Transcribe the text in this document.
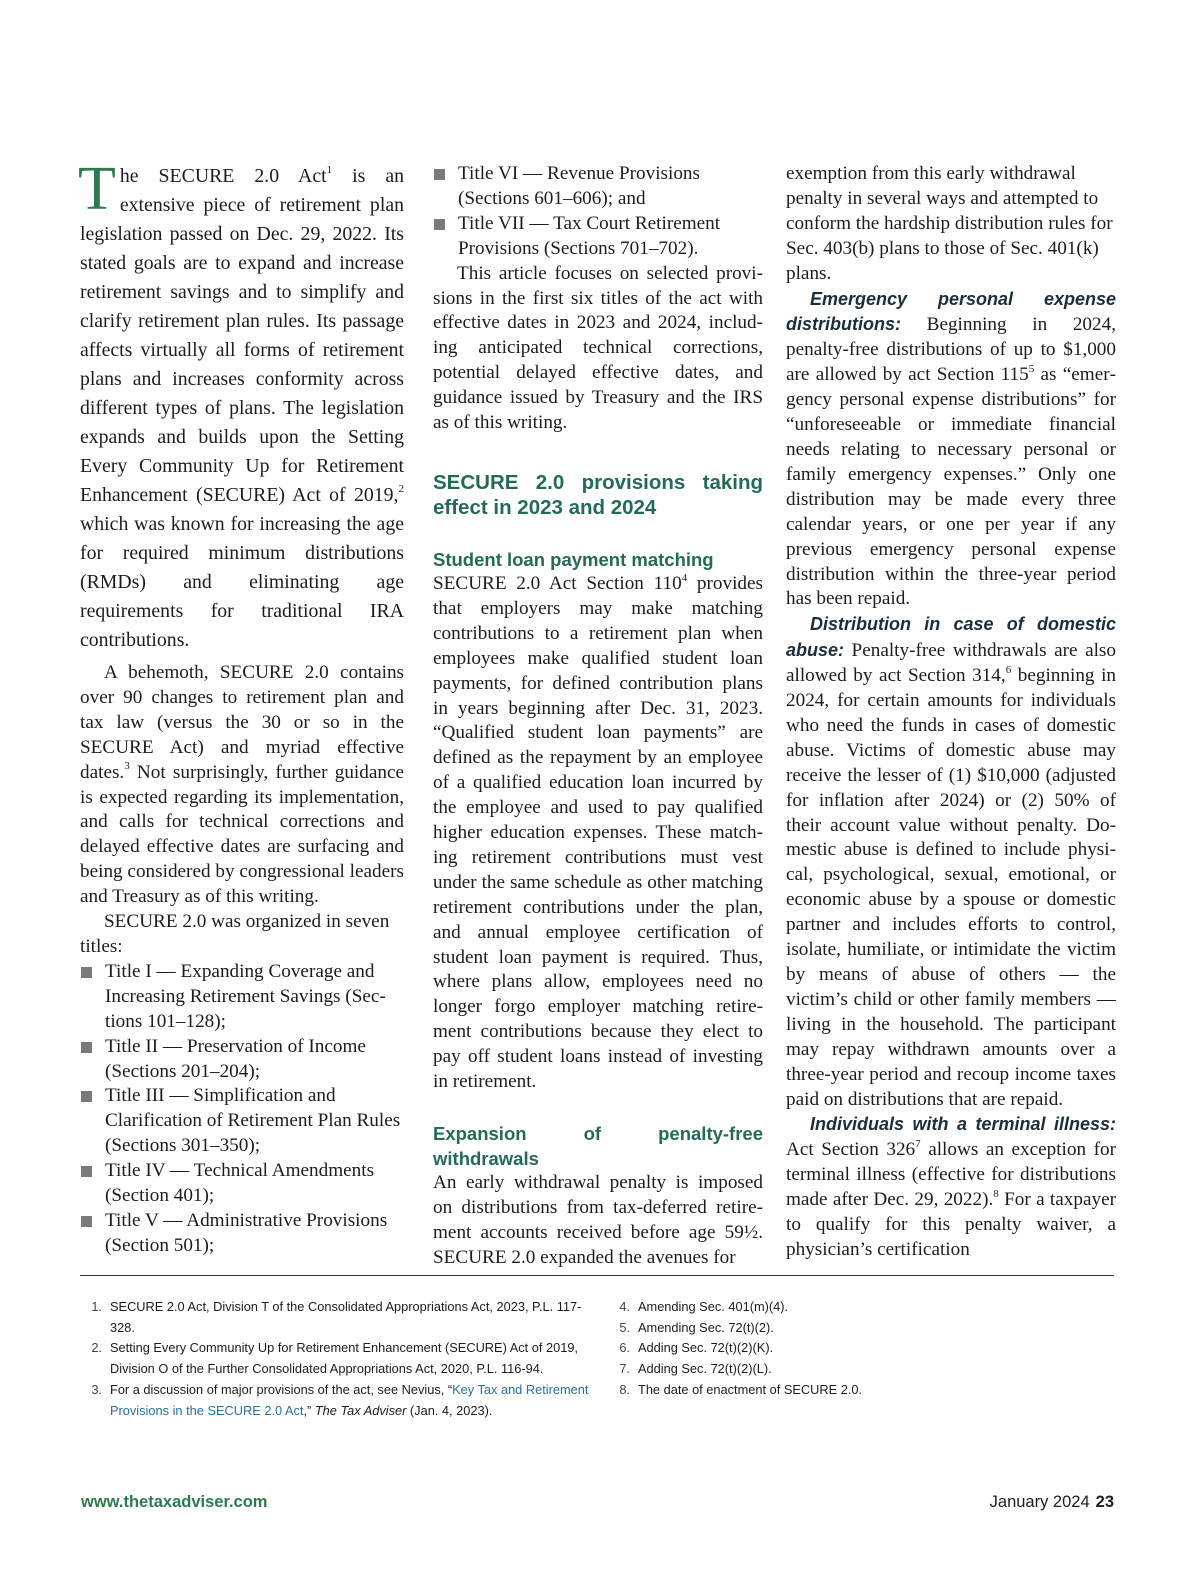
The SECURE 2.0 Act$^1$ is an extensive piece of retirement plan legislation passed on Dec. 29, 2022. Its stated goals are to expand and increase retirement savings and to simplify and clarify retirement plan rules. Its passage affects virtually all forms of retirement plans and increases conformity across different types of plans. The legislation expands and builds upon the Setting Every Community Up for Retirement Enhancement (SECURE) Act of 2019,$^2$ which was known for increasing the age for required minimum distributions (RMDs) and eliminating age requirements for traditional IRA contributions.

A behemoth, SECURE 2.0 contains over 90 changes to retirement plan and tax law (versus the 30 or so in the SECURE Act) and myriad effective dates.$^3$ Not surprisingly, further guidance is expected regarding its implementation, and calls for technical corrections and delayed effective dates are surfacing and being considered by congressional leaders and Treasury as of this writing.

SECURE 2.0 was organized in seven titles:

Title I — Expanding Coverage and Increasing Retirement Savings (Sections 101–128);
Title II — Preservation of Income (Sections 201–204);
Title III — Simplification and Clarification of Retirement Plan Rules (Sections 301–350);
Title IV — Technical Amendments (Section 401);
Title V — Administrative Provisions (Section 501);
Title VI — Revenue Provisions (Sections 601–606); and
Title VII — Tax Court Retirement Provisions (Sections 701–702).

This article focuses on selected provisions in the first six titles of the act with effective dates in 2023 and 2024, including anticipated technical corrections, potential delayed effective dates, and guidance issued by Treasury and the IRS as of this writing.

SECURE 2.0 provisions taking effect in 2023 and 2024

Student loan payment matching

SECURE 2.0 Act Section $110^4$ provides that employers may make matching contributions to a retirement plan when employees make qualified student loan payments, for defined contribution plans in years beginning after Dec. 31, 2023. “Qualified student loan payments” are defined as the repayment by an employee of a qualified education loan incurred by the employee and used to pay qualified higher education expenses. These matching retirement contributions must vest under the same schedule as other matching retirement contributions under the plan, and annual employee certification of student loan payment is required. Thus, where plans allow, employees need no longer forgo employer matching retirement contributions because they elect to pay off student loans instead of investing in retirement.

Expansion of penalty-free withdrawals

An early withdrawal penalty is imposed on distributions from tax-deferred retirement accounts received before age 59½. SECURE 2.0 expanded the avenues for

exemption from this early withdrawal penalty in several ways and attempted to conform the hardship distribution rules for Sec. 403(b) plans to those of Sec. 401(k) plans.

Emergency personal expense distributions: Beginning in 2024, penalty-free distributions of up to $1,000 are allowed by act Section $115^5$ as “emergency personal expense distributions” for “unforeseeable or immediate financial needs relating to necessary personal or family emergency expenses.” Only one distribution may be made every three calendar years, or one per year if any previous emergency personal expense distribution within the three-year period has been repaid.

Distribution in case of domestic abuse: Penalty-free withdrawals are also allowed by act Section 314,$^6$ beginning in 2024, for certain amounts for individuals who need the funds in cases of domestic abuse. Victims of domestic abuse may receive the lesser of (1) $10,000 (adjusted for inflation after 2024) or (2) 50% of their account value without penalty. Domestic abuse is defined to include physical, psychological, sexual, emotional, or economic abuse by a spouse or domestic partner and includes efforts to control, isolate, humiliate, or intimidate the victim by means of abuse of others — the victim’s child or other family members — living in the household. The participant may repay withdrawn amounts over a three-year period and recoup income taxes paid on distributions that are repaid.

Individuals with a terminal illness: Act Section $326^7$ allows an exception for terminal illness (effective for distributions made after Dec. 29, 2022).$^8$ For a taxpayer to qualify for this penalty waiver, a physician’s certification

1. SECURE 2.0 Act, Division T of the Consolidated Appropriations Act, 2023, P.L. 117-328.
2. Setting Every Community Up for Retirement Enhancement (SECURE) Act of 2019, Division O of the Further Consolidated Appropriations Act, 2020, P.L. 116-94.
3. For a discussion of major provisions of the act, see Nevius, “Key Tax and Retirement Provisions in the SECURE 2.0 Act,” The Tax Adviser (Jan. 4, 2023).
4. Amending Sec. 401(m)(4).
5. Amending Sec. 72(t)(2).
6. Adding Sec. 72(t)(2)(K).
7. Adding Sec. 72(t)(2)(L).
8. The date of enactment of SECURE 2.0.
www.thetaxadviser.com	January 2024 23
